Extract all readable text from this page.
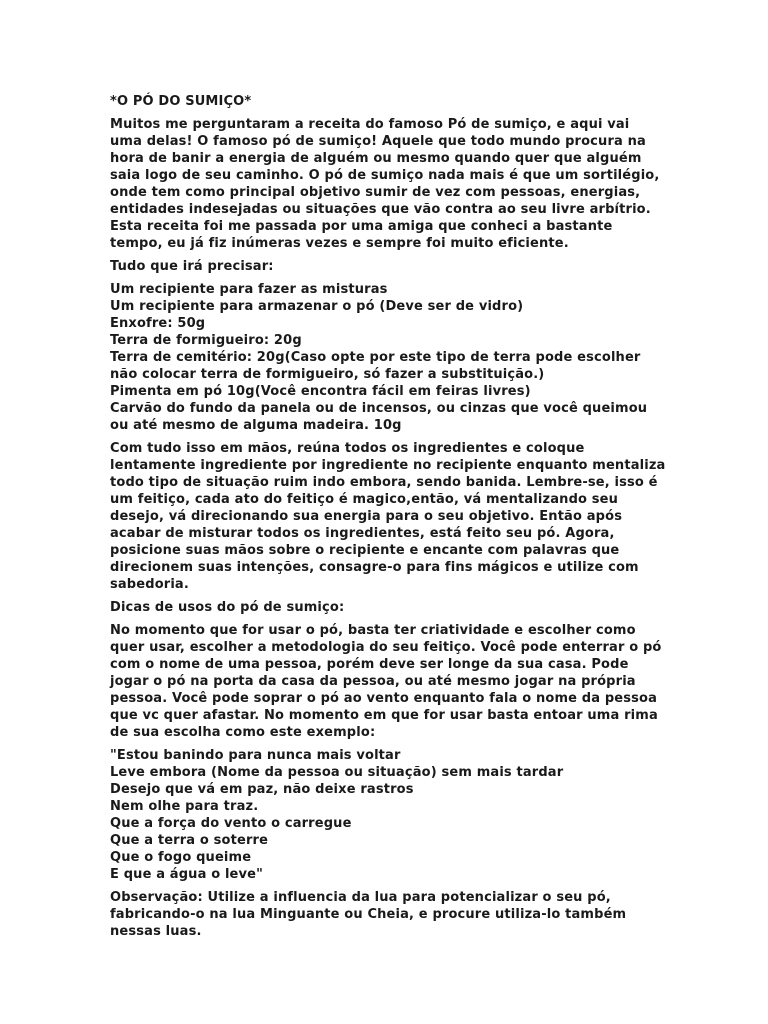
*O PÓ DO SUMIÇO*
Muitos me perguntaram a receita do famoso Pó de sumiço, e aqui vai
uma delas! O famoso pó de sumiço! Aquele que todo mundo procura na
hora de banir a energia de alguém ou mesmo quando quer que alguém
saia logo de seu caminho. O pó de sumiço nada mais é que um sortilégio,
onde tem como principal objetivo sumir de vez com pessoas, energias,
entidades indesejadas ou situações que vão contra ao seu livre arbítrio.
Esta receita foi me passada por uma amiga que conheci a bastante
tempo, eu já fiz inúmeras vezes e sempre foi muito eficiente.
Tudo que irá precisar:
Um recipiente para fazer as misturas
Um recipiente para armazenar o pó (Deve ser de vidro)
Enxofre: 50g
Terra de formigueiro: 20g
Terra de cemitério: 20g(Caso opte por este tipo de terra pode escolher
não colocar terra de formigueiro, só fazer a substituição.)
Pimenta em pó 10g(Você encontra fácil em feiras livres)
Carvão do fundo da panela ou de incensos, ou cinzas que você queimou
ou até mesmo de alguma madeira. 10g
Com tudo isso em mãos, reúna todos os ingredientes e coloque
lentamente ingrediente por ingrediente no recipiente enquanto mentaliza
todo tipo de situação ruim indo embora, sendo banida. Lembre-se, isso é
um feitiço, cada ato do feitiço é magico,então, vá mentalizando seu
desejo, vá direcionando sua energia para o seu objetivo. Então após
acabar de misturar todos os ingredientes, está feito seu pó. Agora,
posicione suas mãos sobre o recipiente e encante com palavras que
direcionem suas intenções, consagre-o para fins mágicos e utilize com
sabedoria.
Dicas de usos do pó de sumiço:
No momento que for usar o pó, basta ter criatividade e escolher como
quer usar, escolher a metodologia do seu feitiço. Você pode enterrar o pó
com o nome de uma pessoa, porém deve ser longe da sua casa. Pode
jogar o pó na porta da casa da pessoa, ou até mesmo jogar na própria
pessoa. Você pode soprar o pó ao vento enquanto fala o nome da pessoa
que vc quer afastar. No momento em que for usar basta entoar uma rima
de sua escolha como este exemplo:
"Estou banindo para nunca mais voltar
Leve embora (Nome da pessoa ou situação) sem mais tardar
Desejo que vá em paz, não deixe rastros
Nem olhe para traz.
Que a força do vento o carregue
Que a terra o soterre
Que o fogo queime
E que a água o leve"
Observação: Utilize a influencia da lua para potencializar o seu pó,
fabricando-o na lua Minguante ou Cheia, e procure utiliza-lo também
nessas luas.
